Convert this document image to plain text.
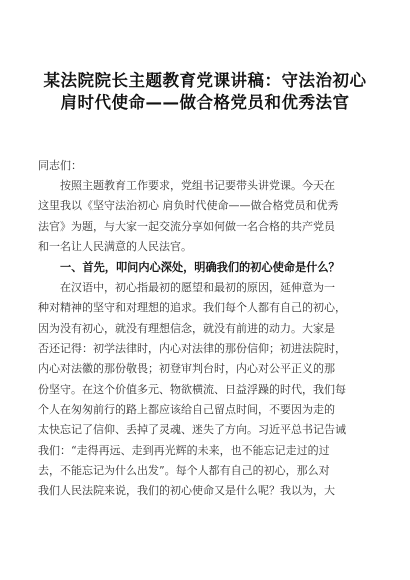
某法院院长主题教育党课讲稿：守法治初心
肩时代使命——做合格党员和优秀法官
同志们：
按照主题教育工作要求，党组书记要带头讲党课。今天在
这里我以《坚守法治初心 肩负时代使命——做合格党员和优秀
法官》为题，与大家一起交流分享如何做一名合格的共产党员
和一名让人民满意的人民法官。
一、首先，叩问内心深处，明确我们的初心使命是什么？
在汉语中，初心指最初的愿望和最初的原因，延伸意为一
种对精神的坚守和对理想的追求。我们每个人都有自己的初心，
因为没有初心，就没有理想信念，就没有前进的动力。大家是
否还记得：初学法律时，内心对法律的那份信仰；初进法院时，
内心对法徽的那份敬畏；初登审判台时，内心对公平正义的那
份坚守。在这个价值多元、物欲横流、日益浮躁的时代，我们每
个人在匆匆前行的路上都应该给自己留点时间，不要因为走的
太快忘记了信仰、丢掉了灵魂、迷失了方向。习近平总书记告诫
我们：“走得再远、走到再光辉的未来，也不能忘记走过的过
去，不能忘记为什么出发”。每个人都有自己的初心，那么对
我们人民法院来说，我们的初心使命又是什么呢？我以为，大
